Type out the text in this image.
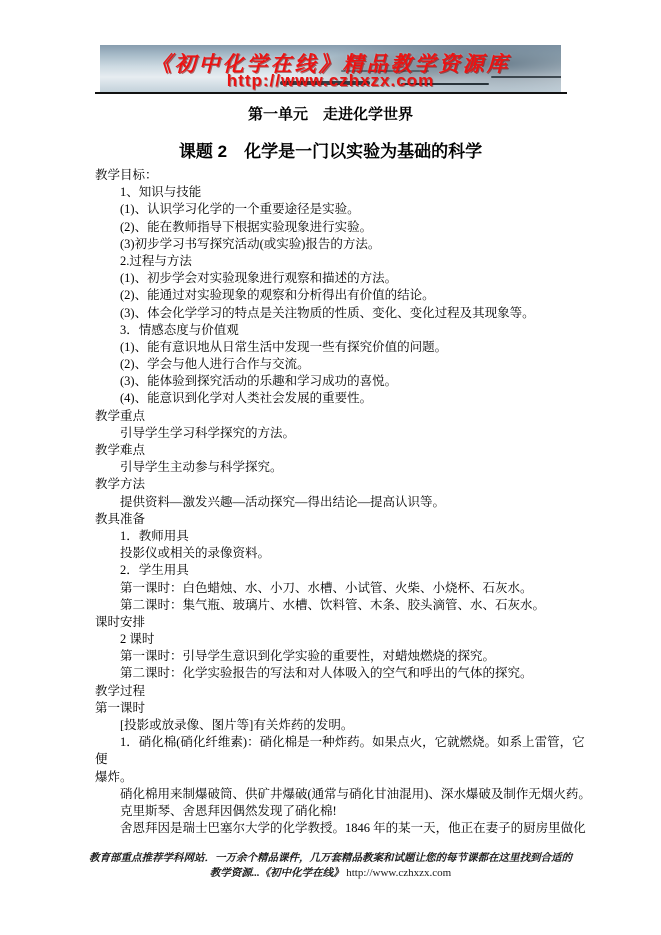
《初中化学在线》精品教学资源库
http://www.czhxzx.com
第一单元　走进化学世界
课题 2　化学是一门以实验为基础的科学
教学目标：
1、知识与技能
(1)、认识学习化学的一个重要途径是实验。
(2)、能在教师指导下根据实验现象进行实验。
(3)初步学习书写探究活动(或实验)报告的方法。
2.过程与方法
(1)、初步学会对实验现象进行观察和描述的方法。
(2)、能通过对实验现象的观察和分析得出有价值的结论。
(3)、体会化学学习的特点是关注物质的性质、变化、变化过程及其现象等。
3．情感态度与价值观
(1)、能有意识地从日常生活中发现一些有探究价值的问题。
(2)、学会与他人进行合作与交流。
(3)、能体验到探究活动的乐趣和学习成功的喜悦。
(4)、能意识到化学对人类社会发展的重要性。
教学重点
引导学生学习科学探究的方法。
教学难点
引导学生主动参与科学探究。
教学方法
提供资料—激发兴趣—活动探究—得出结论—提高认识等。
教具准备
1．教师用具
投影仪或相关的录像资料。
2．学生用具
第一课时：白色蜡烛、水、小刀、水槽、小试管、火柴、小烧杯、石灰水。
第二课时：集气瓶、玻璃片、水槽、饮料管、木条、胶头滴管、水、石灰水。
课时安排
2 课时
第一课时：引导学生意识到化学实验的重要性，对蜡烛燃烧的探究。
第二课时：化学实验报告的写法和对人体吸入的空气和呼出的气体的探究。
教学过程
第一课时
[投影或放录像、图片等]有关炸药的发明。
1．硝化棉(硝化纤维素)：硝化棉是一种炸药。如果点火，它就燃烧。如系上雷管，它
便
爆炸。
硝化棉用来制爆破筒、供矿井爆破(通常与硝化甘油混用)、深水爆破及制作无烟火药。
克里斯琴、舍恩拜因偶然发现了硝化棉!
舍恩拜因是瑞士巴塞尔大学的化学教授。1846 年的某一天，他正在妻子的厨房里做化
教育部重点推荐学科网站．一万余个精品课件，几万套精品教案和试题让您的每节课都在这里找到合适的
教学资源...《初中化学在线》 http://www.czhxzx.com
